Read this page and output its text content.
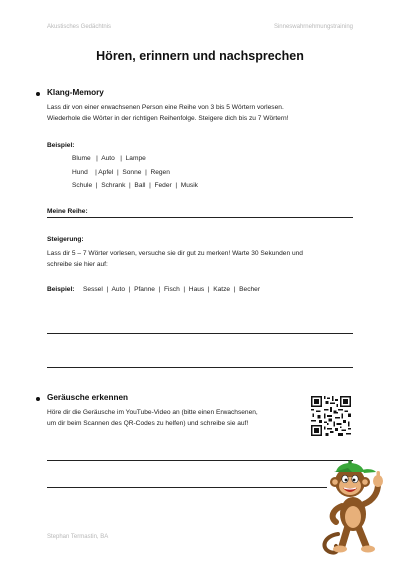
Akustisches Gedächtnis	Sinneswahrnehmungstraining
Hören, erinnern und nachsprechen
Klang-Memory
Lass dir von einer erwachsenen Person eine Reihe von 3 bis 5 Wörtern vorlesen.
Wiederhole die Wörter in der richtigen Reihenfolge. Steigere dich bis zu 7 Wörtern!
Beispiel:
Blume   |  Auto   |  Lampe
Hund    | Apfel  |  Sonne  |  Regen
Schule  |  Schrank  |  Ball  |  Feder  |  Musik
Meine Reihe:
Steigerung:
Lass dir 5 – 7 Wörter vorlesen, versuche sie dir gut zu merken! Warte 30 Sekunden und
schreibe sie hier auf:
Beispiel: Sessel  |  Auto  |  Pfanne  |  Fisch  |  Haus  |  Katze  |  Becher
Geräusche erkennen
Höre dir die Geräusche im YouTube-Video an (bitte einen Erwachsenen,
um dir beim Scannen des QR-Codes zu helfen) und schreibe sie auf!
Stephan Termastin, BA
